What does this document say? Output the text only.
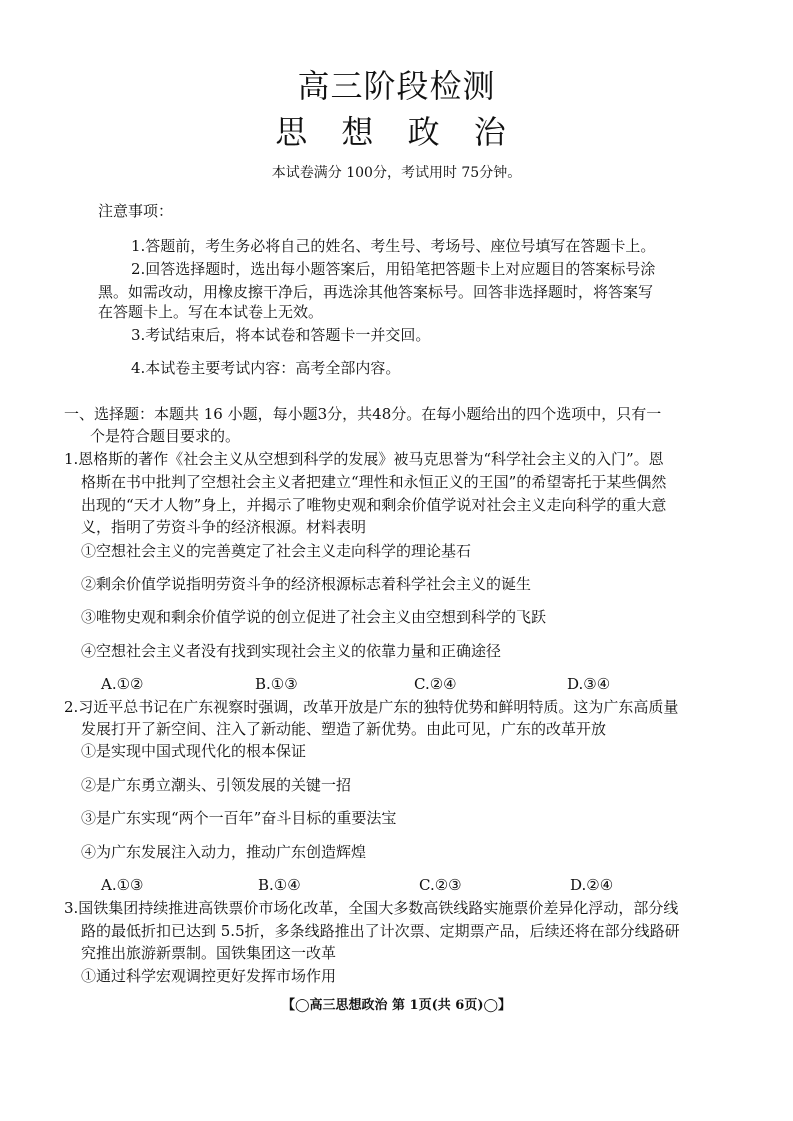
高三阶段检测
思 想 政 治
本试卷满分 100分，考试用时 75分钟。
注意事项：
1.答题前，考生务必将自己的姓名、考生号、考场号、座位号填写在答题卡上。
2.回答选择题时，选出每小题答案后，用铅笔把答题卡上对应题目的答案标号涂
黑。如需改动，用橡皮擦干净后，再选涂其他答案标号。回答非选择题时，将答案写
在答题卡上。写在本试卷上无效。
3.考试结束后，将本试卷和答题卡一并交回。
4.本试卷主要考试内容：高考全部内容。
一、选择题：本题共 16 小题，每小题3分，共48分。在每小题给出的四个选项中，只有一
个是符合题目要求的。
1.恩格斯的著作《社会主义从空想到科学的发展》被马克思誉为“科学社会主义的入门”。恩
格斯在书中批判了空想社会主义者把建立“理性和永恒正义的王国”的希望寄托于某些偶然
出现的“天才人物”身上，并揭示了唯物史观和剩余价值学说对社会主义走向科学的重大意
义，指明了劳资斗争的经济根源。材料表明
①空想社会主义的完善奠定了社会主义走向科学的理论基石
②剩余价值学说指明劳资斗争的经济根源标志着科学社会主义的诞生
③唯物史观和剩余价值学说的创立促进了社会主义由空想到科学的飞跃
④空想社会主义者没有找到实现社会主义的依靠力量和正确途径
A.①②	B.①③	C.②④	D.③④
2.习近平总书记在广东视察时强调，改革开放是广东的独特优势和鲜明特质。这为广东高质量
发展打开了新空间、注入了新动能、塑造了新优势。由此可见，广东的改革开放
①是实现中国式现代化的根本保证
②是广东勇立潮头、引领发展的关键一招
③是广东实现“两个一百年”奋斗目标的重要法宝
④为广东发展注入动力，推动广东创造辉煌
A.①③	B.①④	C.②③	D.②④
3.国铁集团持续推进高铁票价市场化改革，全国大多数高铁线路实施票价差异化浮动，部分线
路的最低折扣已达到 5.5折，多条线路推出了计次票、定期票产品，后续还将在部分线路研
究推出旅游新票制。国铁集团这一改革
①通过科学宏观调控更好发挥市场作用
【◯高三思想政治 第 1页(共 6页)◯】
